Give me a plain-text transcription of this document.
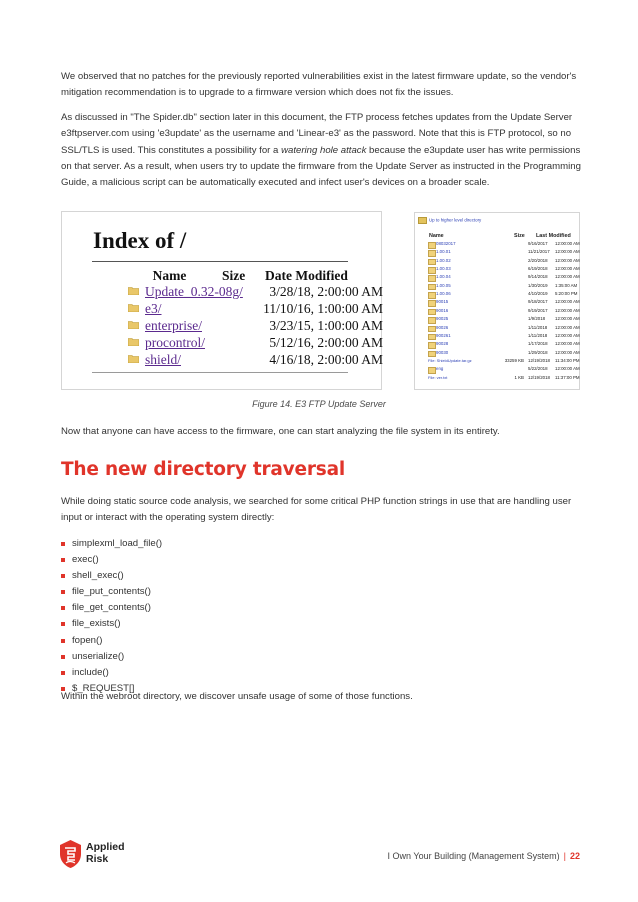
We observed that no patches for the previously reported vulnerabilities exist in the latest firmware update, so the vendor's mitigation recommendation is to upgrade to a firmware version which does not fix the issues.

As discussed in "The Spider.db" section later in this document, the FTP process fetches updates from the Update Server e3ftpserver.com using 'e3update' as the username and 'Linear-e3' as the password. Note that this is FTP protocol, so no SSL/TLS is used. This constitutes a possibility for a watering hole attack because the e3update user has write permissions on that server. As a result, when users try to update the firmware from the Update Server as instructed in the Programming Guide, a malicious script can be automatically executed and infect user's devices on a broader scale.

Index of /
Name	Size Date Modified
Update_0.32-08g/ 3/28/18, 2:00:00 AM
e3/	11/10/16, 1:00:00 AM
enterprise/	3/23/15, 1:00:00 AM
procontrol/	5/12/16, 2:00:00 AM
shield/	4/16/18, 2:00:00 AM
Up to higher level directory
Name	Size Last Modified
08032017	9/16/2017 12:00:00 AM
1.00.01	11/21/2017 12:00:00 AM
1.00.02	2/20/2018 12:00:00 AM
1.00.03	6/19/2018 12:00:00 AM
1.00.04	9/14/2018 12:00:00 AM
1.00.05	1/30/2019 1:35:00 AM
1.00.06	4/10/2019 5:20:00 PM
90015	9/18/2017 12:00:00 AM
90016	9/19/2017 12:00:00 AM
90025	1/9/2018 12:00:00 AM
90026	1/11/2018 12:00:00 AM
900261	1/11/2018 12:00:00 AM
90028	1/17/2018 12:00:00 AM
90030	1/29/2018 12:00:00 AM
File: ShieldUpdate.tar.gz	33259 KB 12/19/2018 11:34:00 PM
eng	5/22/2018 12:00:00 AM
File: ver.txt	1 KB 12/19/2018 11:37:00 PM

Figure 14. E3 FTP Update Server

Now that anyone can have access to the firmware, one can start analyzing the file system in its entirety.

The new directory traversal

While doing static source code analysis, we searched for some critical PHP function strings in use that are handling user input or interact with the operating system directly:

simplexml_load_file()
exec()
shell_exec()
file_put_contents()
file_get_contents()
file_exists()
fopen()
unserialize()
include()
$_REQUEST[]

Within the webroot directory, we discover unsafe usage of some of those functions.

Applied
Risk	I Own Your Building (Management System) | 22
